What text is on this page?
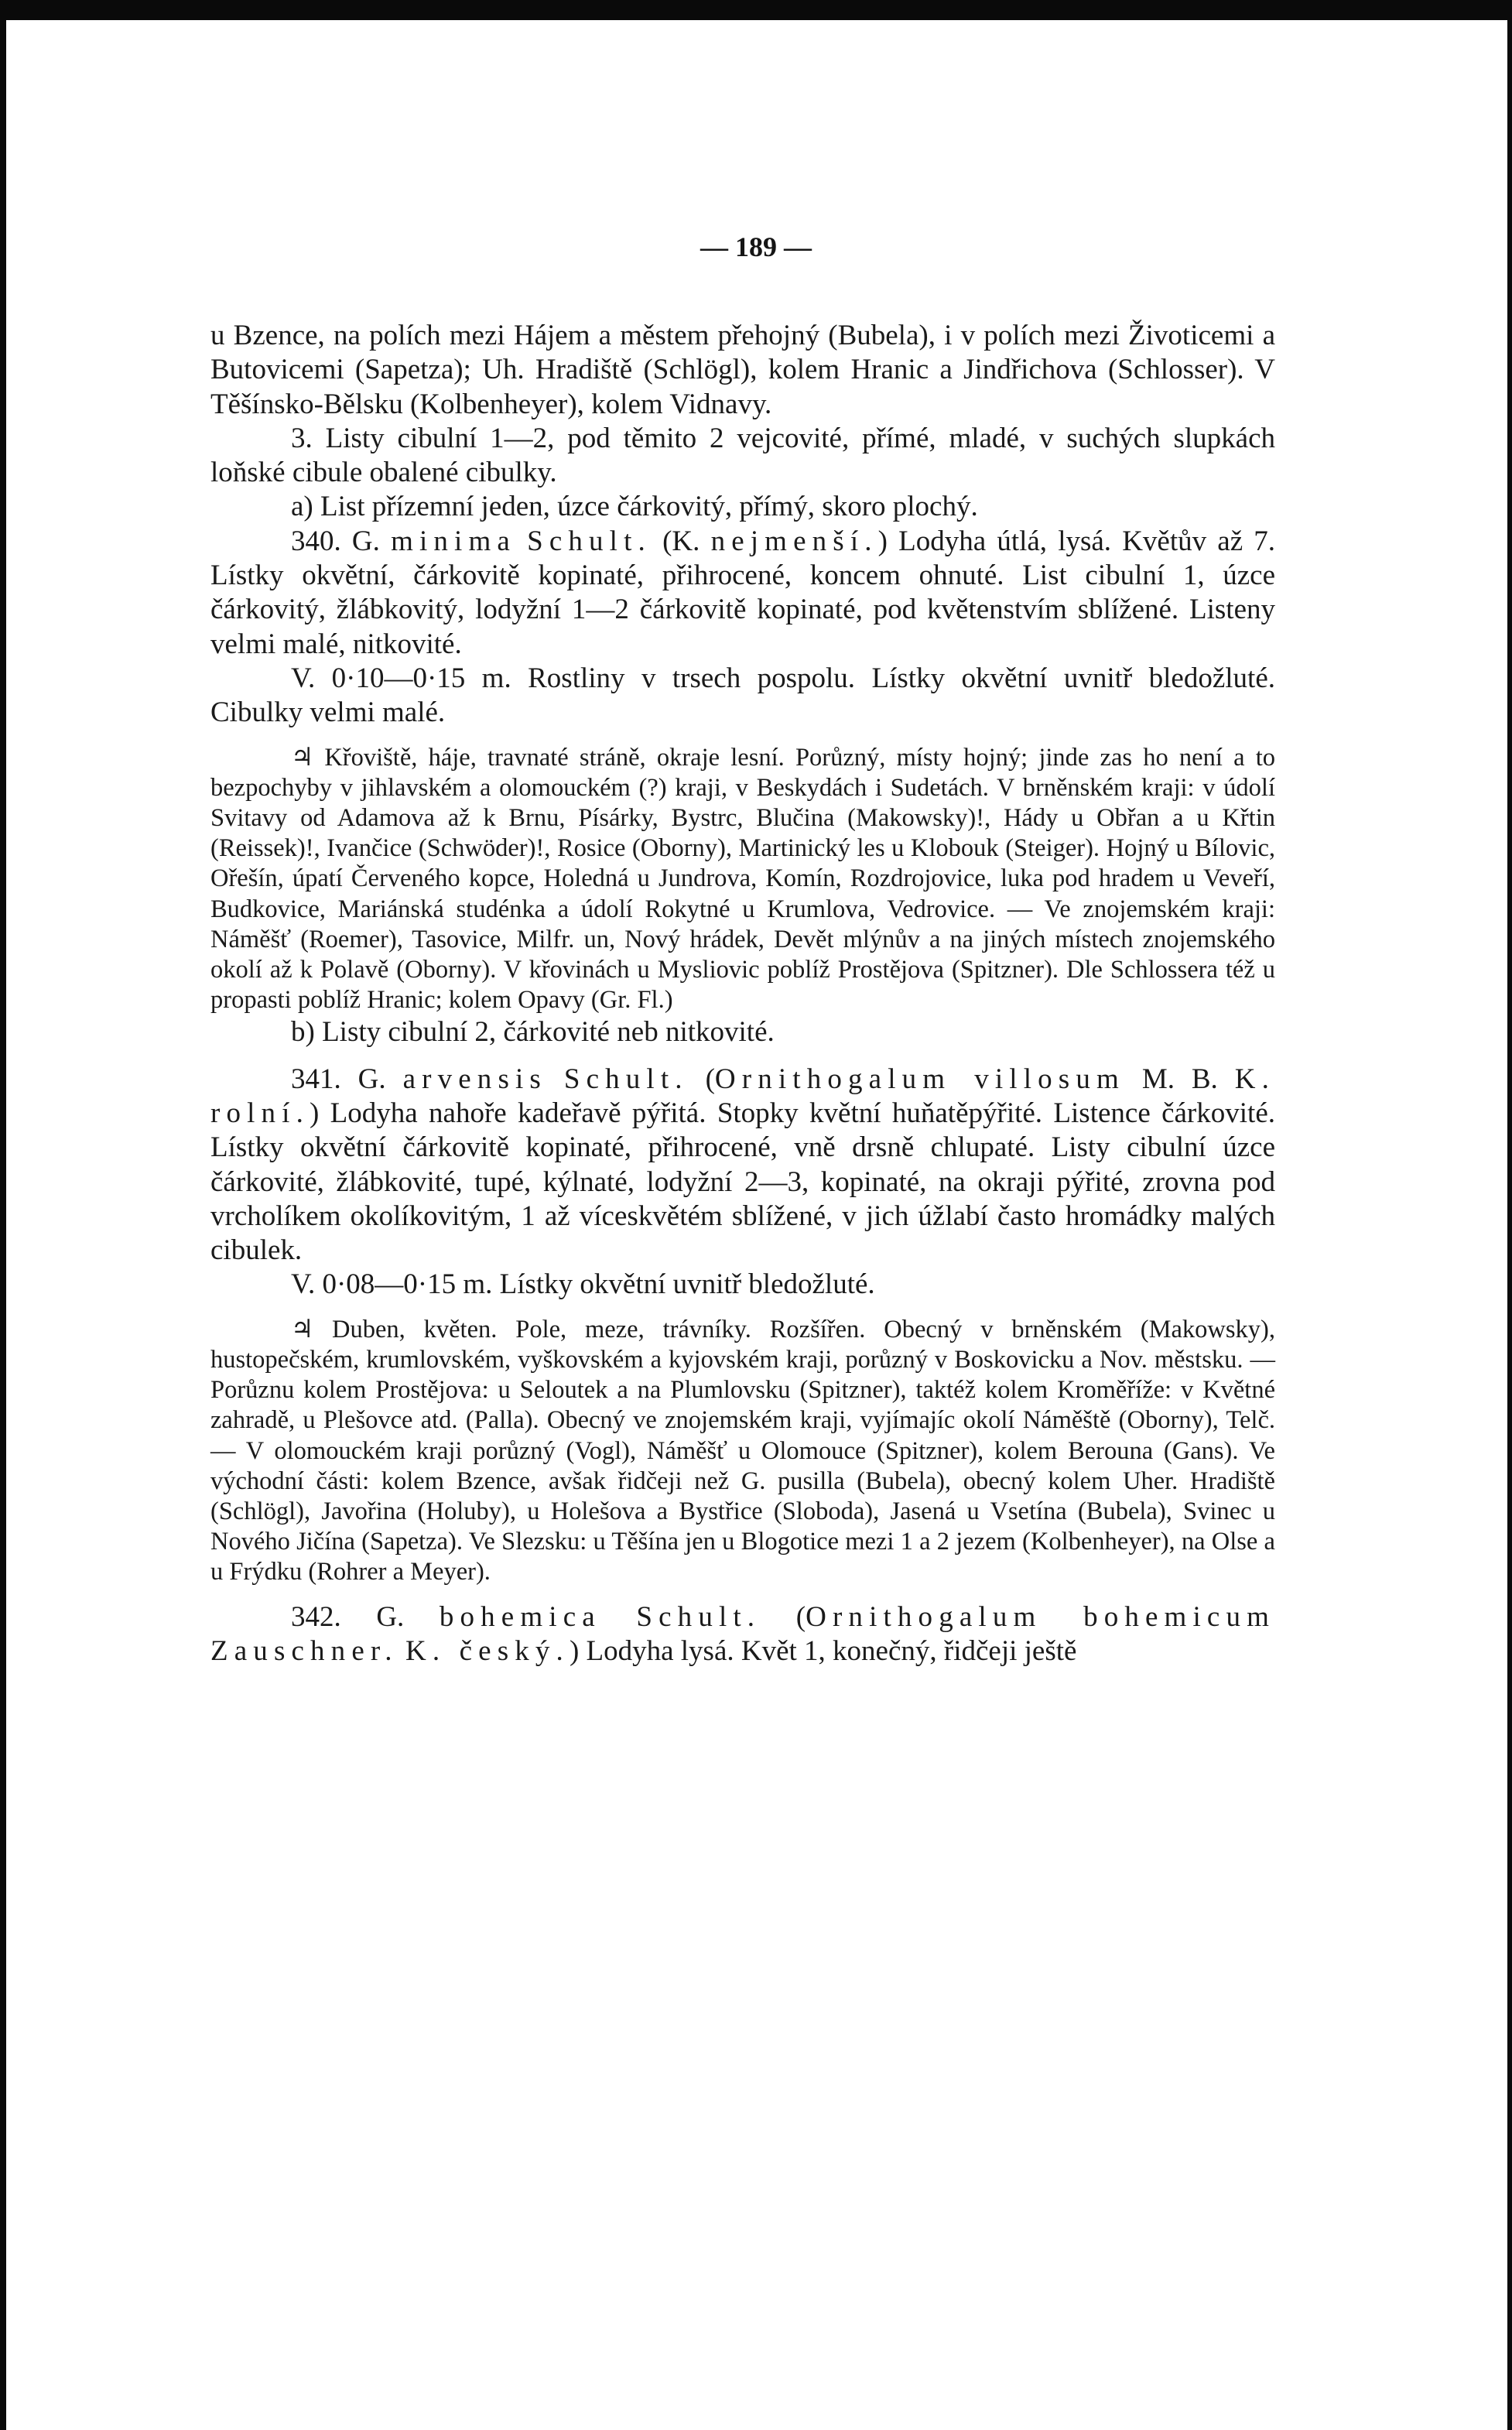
— 189 —

u Bzence, na polích mezi Hájem a městem přehojný (Bubela), i v polích mezi Životicemi a Butovicemi (Sapetza); Uh. Hradiště (Schlögl), kolem Hranic a Jindřichova (Schlosser). V Těšínsko-Bělsku (Kolbenheyer), kolem Vidnavy.

3. Listy cibulní 1—2, pod těmito 2 vejcovité, přímé, mladé, v suchých slupkách loňské cibule obalené cibulky.

a) List přízemní jeden, úzce čárkovitý, přímý, skoro plochý.

340. G. minima Schult. (K. nejmenší.) Lodyha útlá, lysá. Květův až 7. Lístky okvětní, čárkovitě kopinaté, přihrocené, koncem ohnuté. List cibulní 1, úzce čárkovitý, žlábkovitý, lodyžní 1—2 čárkovitě kopinaté, pod květenstvím sblížené. Listeny velmi malé, nitkovité.

V. 0·10—0·15 m. Rostliny v trsech pospolu. Lístky okvětní uvnitř bledožluté. Cibulky velmi malé.

♃ Křoviště, háje, travnaté stráně, okraje lesní. Porůzný, místy hojný; jinde zas ho není a to bezpochyby v jihlavském a olomouckém (?) kraji, v Beskydách i Sudetách. V brněnském kraji: v údolí Svitavy od Adamova až k Brnu, Písárky, Bystrc, Blučina (Makowsky)!, Hády u Obřan a u Křtin (Reissek)!, Ivančice (Schwöder)!, Rosice (Oborny), Martinický les u Klobouk (Steiger). Hojný u Bílovic, Ořešín, úpatí Červeného kopce, Holedná u Jundrova, Komín, Rozdrojovice, luka pod hradem u Veveří, Budkovice, Mariánská studénka a údolí Rokytné u Krumlova, Vedrovice. — Ve znojemském kraji: Náměšť (Roemer), Tasovice, Milfr. un, Nový hrádek, Devět mlýnův a na jiných místech znojemského okolí až k Polavě (Oborny). V křovinách u Mysliovic poblíž Prostějova (Spitzner). Dle Schlossera též u propasti poblíž Hranic; kolem Opavy (Gr. Fl.)

b) Listy cibulní 2, čárkovité neb nitkovité.

341. G. arvensis Schult. (Ornithogalum villosum M. B. K. rolní.) Lodyha nahoře kadeřavě pýřitá. Stopky květní huňatěpýřité. Listence čárkovité. Lístky okvětní čárkovitě kopinaté, přihrocené, vně drsně chlupaté. Listy cibulní úzce čárkovité, žlábkovité, tupé, kýlnaté, lodyžní 2—3, kopinaté, na okraji pýřité, zrovna pod vrcholíkem okolíkovitým, 1 až víceskvětém sblížené, v jich úžlabí často hromádky malých cibulek.

V. 0·08—0·15 m. Lístky okvětní uvnitř bledožluté.

♃ Duben, květen. Pole, meze, trávníky. Rozšířen. Obecný v brněnském (Makowsky), hustopečském, krumlovském, vyškovském a kyjovském kraji, porůzný v Boskovicku a Nov. městsku. — Porůznu kolem Prostějova: u Seloutek a na Plumlovsku (Spitzner), taktéž kolem Kroměříže: v Květné zahradě, u Plešovce atd. (Palla). Obecný ve znojemském kraji, vyjímajíc okolí Náměště (Oborny), Telč. — V olomouckém kraji porůzný (Vogl), Náměšť u Olomouce (Spitzner), kolem Berouna (Gans). Ve východní části: kolem Bzence, avšak řidčeji než G. pusilla (Bubela), obecný kolem Uher. Hradiště (Schlögl), Javořina (Holuby), u Holešova a Bystřice (Sloboda), Jasená u Vsetína (Bubela), Svinec u Nového Jičína (Sapetza). Ve Slezsku: u Těšína jen u Blogotice mezi 1 a 2 jezem (Kolbenheyer), na Olse a u Frýdku (Rohrer a Meyer).

342. G. bohemica Schult. (Ornithogalum bohemicum Zauschner. K. český.) Lodyha lysá. Květ 1, konečný, řidčeji ještě
